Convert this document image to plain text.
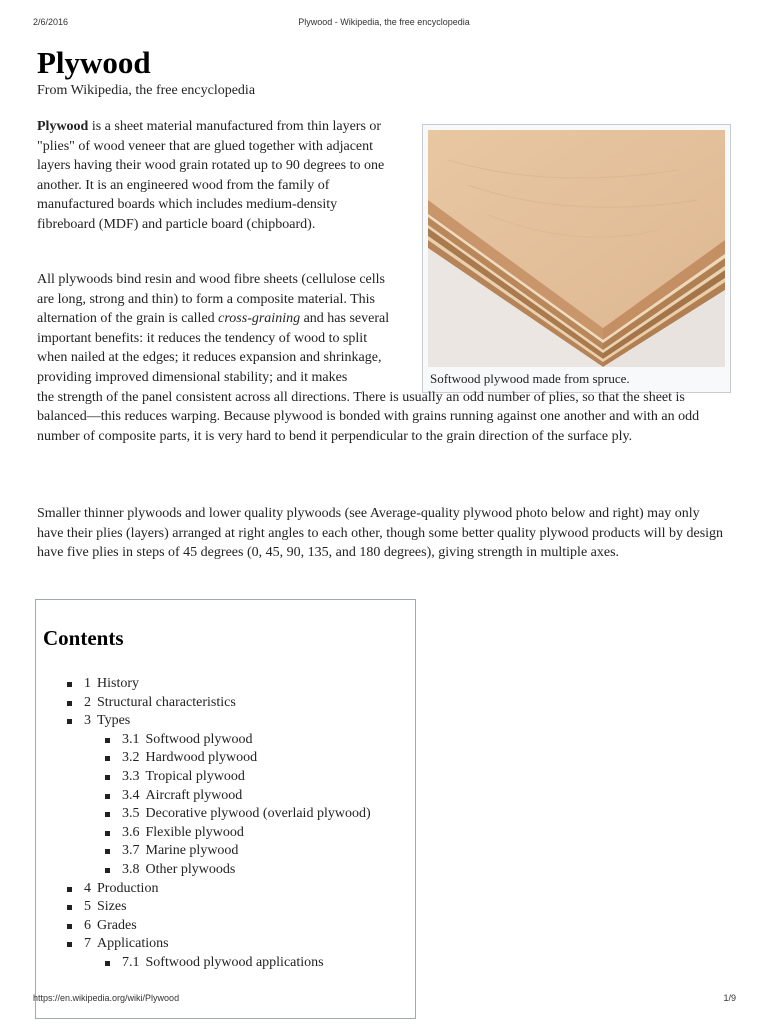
2/6/2016	Plywood - Wikipedia, the free encyclopedia
Plywood
From Wikipedia, the free encyclopedia

Plywood is a sheet material manufactured from thin layers or "plies" of wood veneer that are glued together with adjacent layers having their wood grain rotated up to 90 degrees to one another. It is an engineered wood from the family of manufactured boards which includes medium-density fibreboard (MDF) and particle board (chipboard).

Softwood plywood made from spruce.

All plywoods bind resin and wood fibre sheets (cellulose cells are long, strong and thin) to form a composite material. This alternation of the grain is called cross-graining and has several important benefits: it reduces the tendency of wood to split when nailed at the edges; it reduces expansion and shrinkage, providing improved dimensional stability; and it makes
the strength of the panel consistent across all directions. There is usually an odd number of plies, so that the sheet is balanced—this reduces warping. Because plywood is bonded with grains running against one another and with an odd number of composite parts, it is very hard to bend it perpendicular to the grain direction of the surface ply.

Smaller thinner plywoods and lower quality plywoods (see Average-quality plywood photo below and right) may only have their plies (layers) arranged at right angles to each other, though some better quality plywood products will by design have five plies in steps of 45 degrees (0, 45, 90, 135, and 180 degrees), giving strength in multiple axes.

Contents
1 History
2 Structural characteristics
3 Types
3.1 Softwood plywood
3.2 Hardwood plywood
3.3 Tropical plywood
3.4 Aircraft plywood
3.5 Decorative plywood (overlaid plywood)
3.6 Flexible plywood
3.7 Marine plywood
3.8 Other plywoods
4 Production
5 Sizes
6 Grades
7 Applications
7.1 Softwood plywood applications
https://en.wikipedia.org/wiki/Plywood	1/9
